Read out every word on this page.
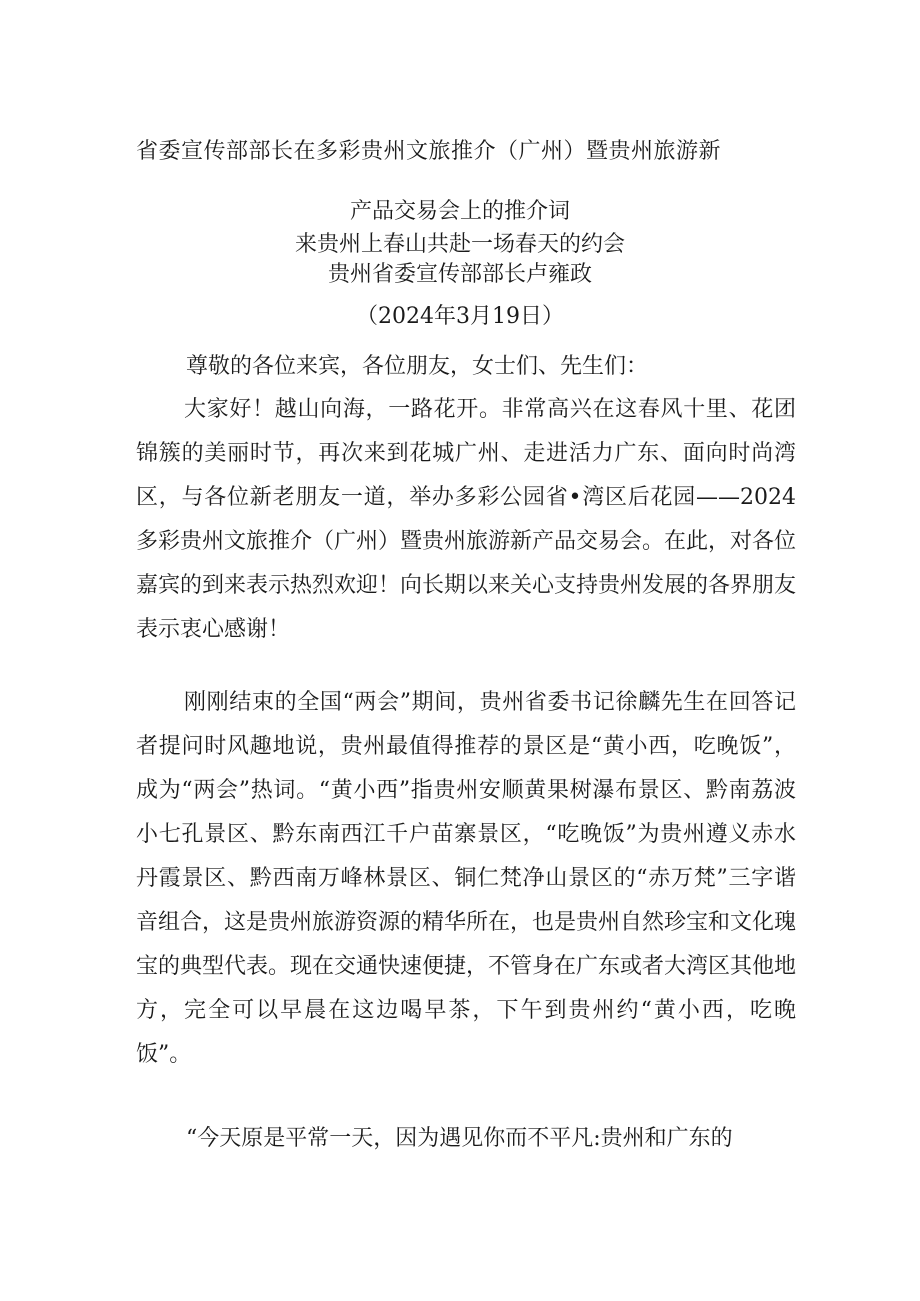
省委宣传部部长在多彩贵州文旅推介（广州）暨贵州旅游新
产品交易会上的推介词
来贵州上春山共赴一场春天的约会
贵州省委宣传部部长卢雍政
（2024年3月19日）
尊敬的各位来宾，各位朋友，女士们、先生们：

大家好！越山向海，一路花开。非常高兴在这春风十里、花团锦簇的美丽时节，再次来到花城广州、走进活力广东、面向时尚湾区，与各位新老朋友一道，举办多彩公园省•湾区后花园——2024多彩贵州文旅推介（广州）暨贵州旅游新产品交易会。在此，对各位嘉宾的到来表示热烈欢迎！向长期以来关心支持贵州发展的各界朋友表示衷心感谢！

刚刚结束的全国“两会”期间，贵州省委书记徐麟先生在回答记者提问时风趣地说，贵州最值得推荐的景区是“黄小西，吃晚饭”，成为“两会”热词。“黄小西”指贵州安顺黄果树瀑布景区、黔南荔波小七孔景区、黔东南西江千户苗寨景区，“吃晚饭”为贵州遵义赤水丹霞景区、黔西南万峰林景区、铜仁梵净山景区的“赤万梵”三字谐音组合，这是贵州旅游资源的精华所在，也是贵州自然珍宝和文化瑰宝的典型代表。现在交通快速便捷，不管身在广东或者大湾区其他地方，完全可以早晨在这边喝早茶，下午到贵州约“黄小西，吃晚饭”。

“今天原是平常一天，因为遇见你而不平凡:贵州和广东的
